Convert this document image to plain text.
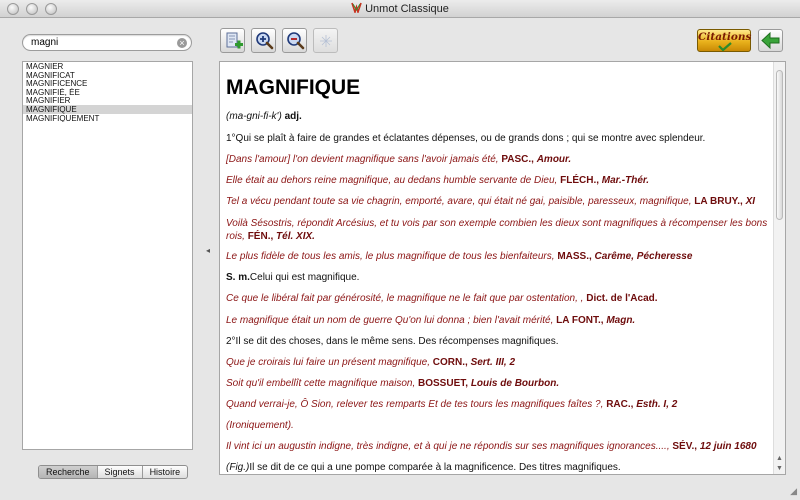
Unmot Classique
magni
×
MAGNIER
MAGNIFICAT
MAGNIFICENCE
MAGNIFIÉ, ÉE
MAGNIFIER
MAGNIFIQUE
MAGNIFIQUEMENT
Recherche	Signets	Histoire
◂
Citations
MAGNIFIQUE
(ma-gni-fi-k') adj.
1°Qui se plaît à faire de grandes et éclatantes dépenses, ou de grands dons ; qui se montre avec splendeur.
[Dans l'amour] l'on devient magnifique sans l'avoir jamais été, PASC., Amour.
Elle était au dehors reine magnifique, au dedans humble servante de Dieu, FLÉCH., Mar.-Thér.
Tel a vécu pendant toute sa vie chagrin, emporté, avare, qui était né gai, paisible, paresseux, magnifique, LA BRUY., XI
Voilà Sésostris, répondit Arcésius, et tu vois par son exemple combien les dieux sont magnifiques à récompenser les bons
rois, FÉN., Tél. XIX.
Le plus fidèle de tous les amis, le plus magnifique de tous les bienfaiteurs, MASS., Carême, Pécheresse
S. m.Celui qui est magnifique.
Ce que le libéral fait par générosité, le magnifique ne le fait que par ostentation, , Dict. de l'Acad.
Le magnifique était un nom de guerre Qu'on lui donna ; bien l'avait mérité, LA FONT., Magn.
2°Il se dit des choses, dans le même sens. Des récompenses magnifiques.
Que je croirais lui faire un présent magnifique, CORN., Sert. III, 2
Soit qu'il embellît cette magnifique maison, BOSSUET, Louis de Bourbon.
Quand verrai-je, Ô Sion, relever tes remparts Et de tes tours les magnifiques faîtes ?, RAC., Esth. I, 2
(Ironiquement).
Il vint ici un augustin indigne, très indigne, et à qui je ne répondis sur ses magnifiques ignorances...., SÉV., 12 juin 1680
(Fig.)Il se dit de ce qui a une pompe comparée à la magnificence. Des titres magnifiques.
▲
▼
◢
